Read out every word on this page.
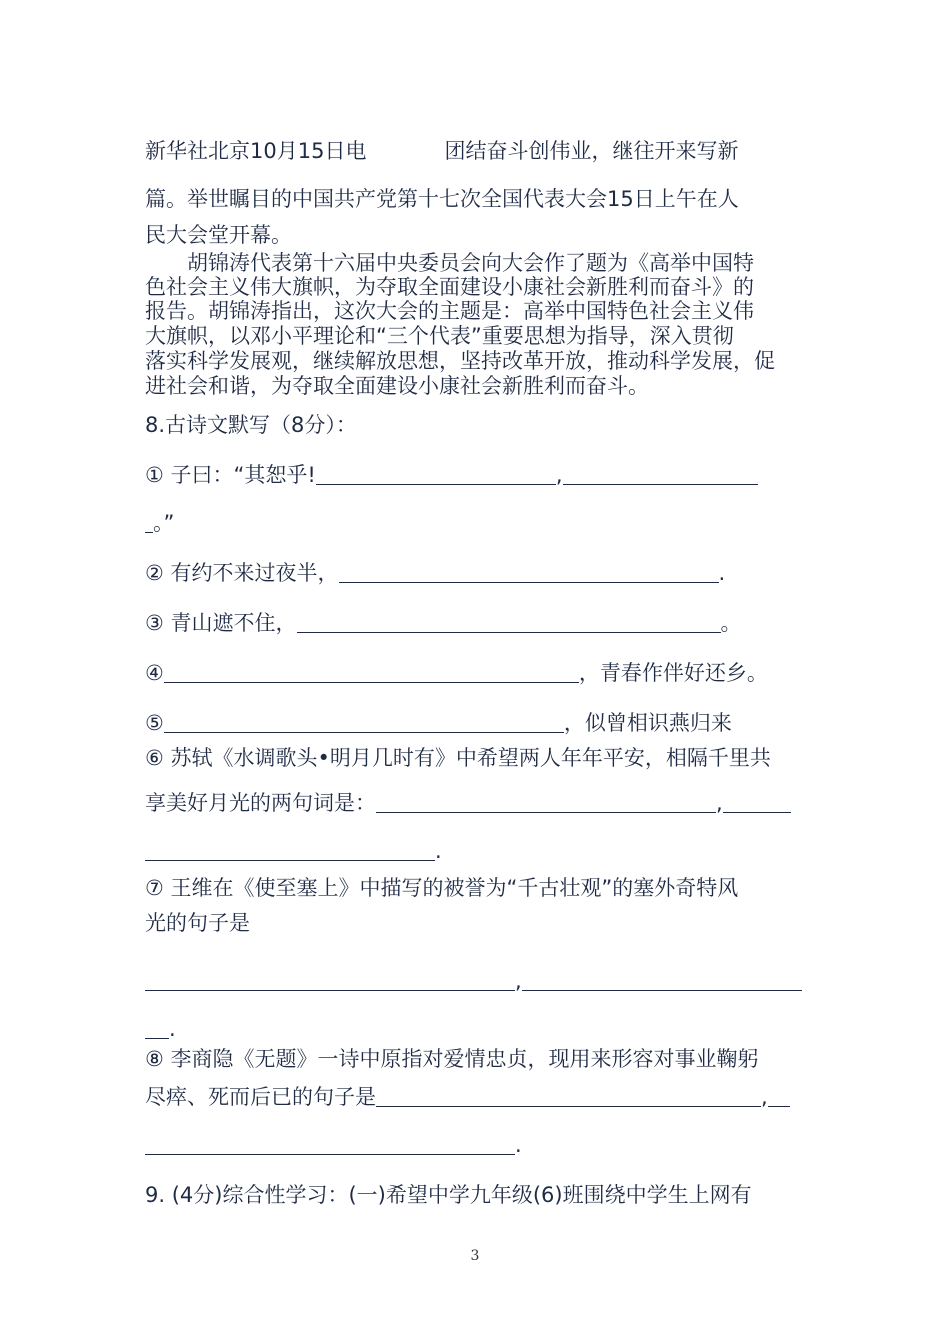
新华社北京10月15日电	团结奋斗创伟业，继往开来写新
篇。举世瞩目的中国共产党第十七次全国代表大会15日上午在人
民大会堂开幕。
胡锦涛代表第十六届中央委员会向大会作了题为《高举中国特
色社会主义伟大旗帜，为夺取全面建设小康社会新胜利而奋斗》的
报告。胡锦涛指出，这次大会的主题是：高举中国特色社会主义伟
大旗帜，以邓小平理论和“三个代表”重要思想为指导，深入贯彻
落实科学发展观，继续解放思想，坚持改革开放，推动科学发展，促
进社会和谐，为夺取全面建设小康社会新胜利而奋斗。
8.古诗文默写（8分）：
① 子曰：“其恕乎!	,
。”
② 有约不来过夜半，	.
③ 青山遮不住，	。
④	，青春作伴好还乡。
⑤	，似曾相识燕归来
⑥ 苏轼《水调歌头•明月几时有》中希望两人年年平安，相隔千里共
享美好月光的两句词是：	,
.
⑦ 王维在《使至塞上》中描写的被誉为“千古壮观”的塞外奇特风
光的句子是
,
.
⑧ 李商隐《无题》一诗中原指对爱情忠贞，现用来形容对事业鞠躬
尽瘁、死而后已的句子是	,
.
9. (4分)综合性学习：(一)希望中学九年级(6)班围绕中学生上网有
3
